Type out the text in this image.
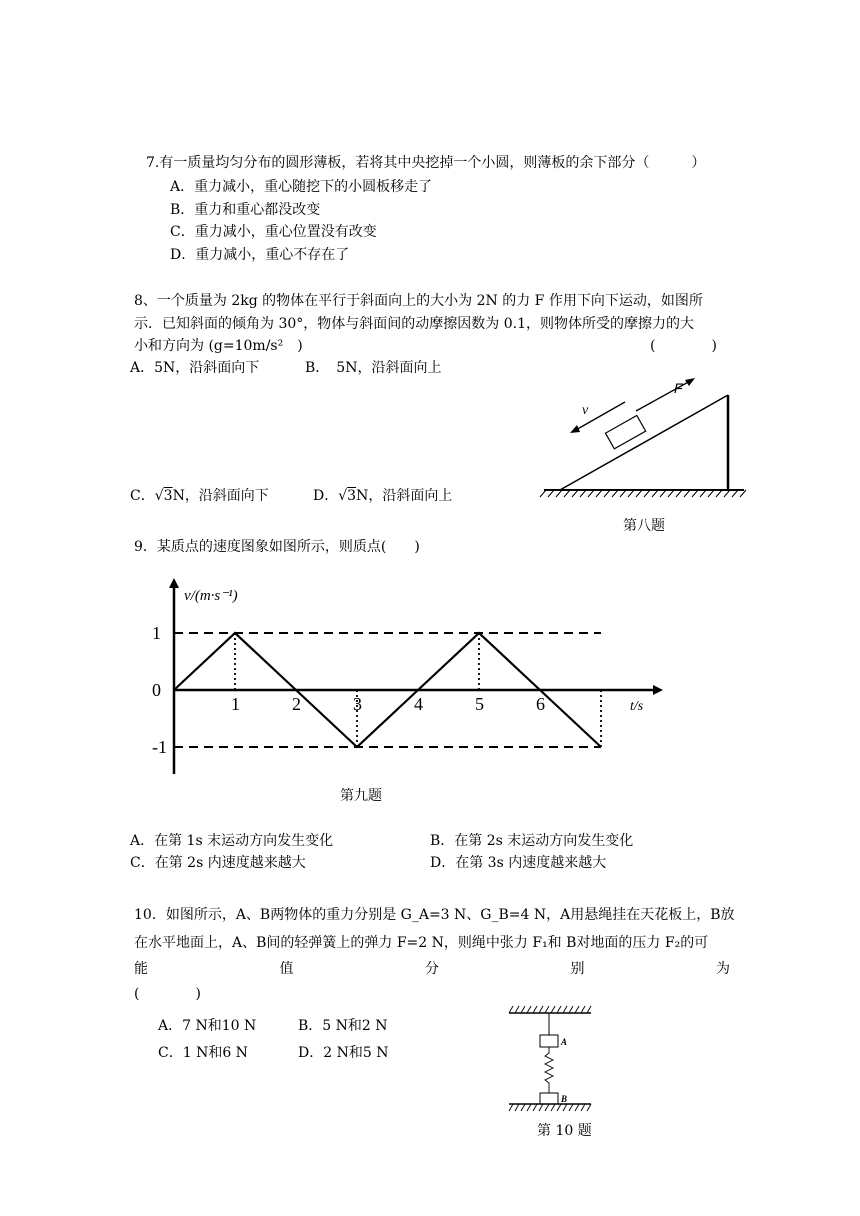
7.有一质量均匀分布的圆形薄板，若将其中央挖掉一个小圆，则薄板的余下部分（　　　）
A．重力减小，重心随挖下的小圆板移走了
B．重力和重心都没改变
C．重力减小，重心位置没有改变
D．重力减小，重心不存在了
8、一个质量为 2kg 的物体在平行于斜面向上的大小为 2N 的力 F 作用下向下运动，如图所
示．已知斜面的倾角为 30°，物体与斜面间的动摩擦因数为 0.1，则物体所受的摩擦力的大
小和方向为 (g=10m/s²　)	(　　　　)
A．5N，沿斜面向下	B．　5N，沿斜面向上
C．√3N，沿斜面向下	D．√3N，沿斜面向上
F
v
第八题
9．某质点的速度图象如图所示，则质点(　　)
1	2	3	4	5	6
1
0
-1
v/(m·s⁻¹)
t/s
第九题
A．在第 1s 末运动方向发生变化	B．在第 2s 末运动方向发生变化
C．在第 2s 内速度越来越大	D．在第 3s 内速度越来越大
10．如图所示，A、B两物体的重力分别是 G_A=3 N、G_B=4 N，A用悬绳挂在天花板上，B放
在水平地面上，A、B间的轻弹簧上的弹力 F=2 N，则绳中张力 F₁和 B对地面的压力 F₂的可
能	值	分	别	为
(　　　　)
A．7 N和10 N	B．5 N和2 N
C．1 N和6 N	D．2 N和5 N
A
B
第 10 题
